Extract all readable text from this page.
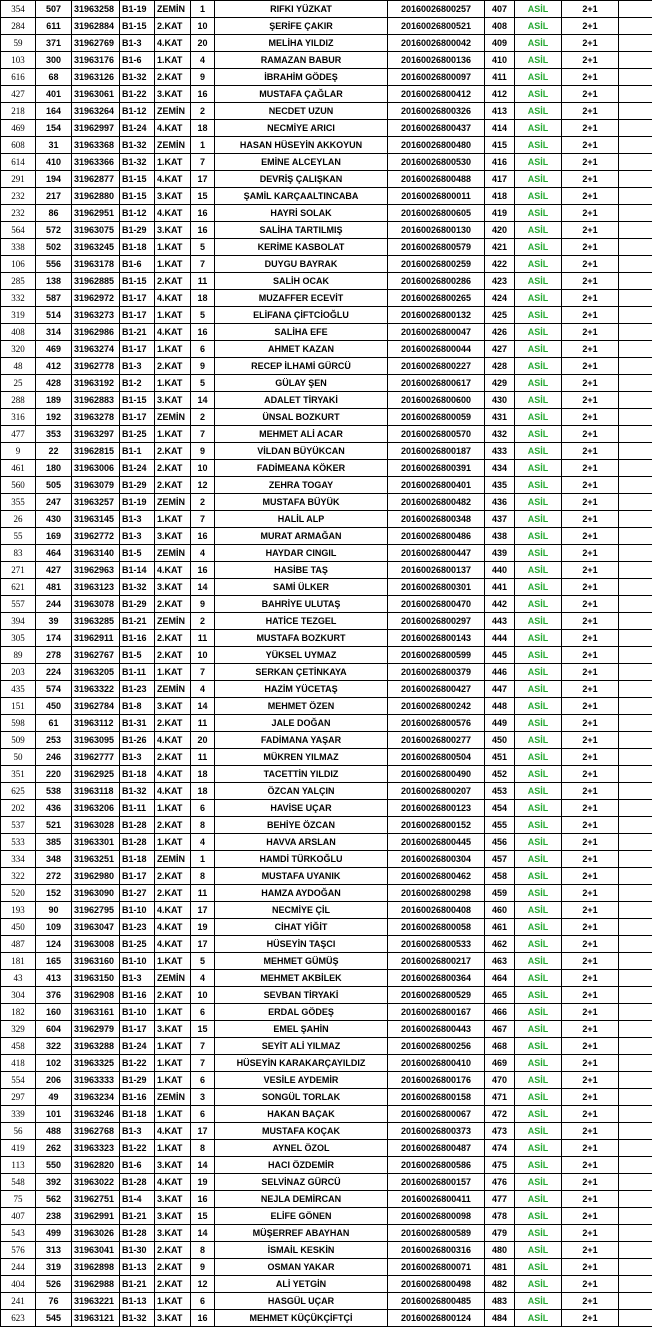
354	507	31963258	B1-19	ZEMİN	1	RIFKI YÜZKAT	20160026800257	407	ASİL	2+1	
284	611	31962884	B1-15	2.KAT	10	ŞERİFE ÇAKIR	20160026800521	408	ASİL	2+1	
59	371	31962769	B1-3	4.KAT	20	MELİHA YILDIZ	20160026800042	409	ASİL	2+1	
103	300	31963176	B1-6	1.KAT	4	RAMAZAN BABUR	20160026800136	410	ASİL	2+1	
616	68	31963126	B1-32	2.KAT	9	İBRAHİM GÖDEŞ	20160026800097	411	ASİL	2+1	
427	401	31963061	B1-22	3.KAT	16	MUSTAFA ÇAĞLAR	20160026800412	412	ASİL	2+1	
218	164	31963264	B1-12	ZEMİN	2	NECDET UZUN	20160026800326	413	ASİL	2+1	
469	154	31962997	B1-24	4.KAT	18	NECMİYE ARICI	20160026800437	414	ASİL	2+1	
608	31	31963368	B1-32	ZEMİN	1	HASAN HÜSEYİN AKKOYUN	20160026800480	415	ASİL	2+1	
614	410	31963366	B1-32	1.KAT	7	EMİNE ALCEYLAN	20160026800530	416	ASİL	2+1	
291	194	31962877	B1-15	4.KAT	17	DEVRİŞ ÇALIŞKAN	20160026800488	417	ASİL	2+1	
232	217	31962880	B1-15	3.KAT	15	ŞAMİL KARÇAALTINCABA	20160026800011	418	ASİL	2+1	
232	86	31962951	B1-12	4.KAT	16	HAYRİ SOLAK	20160026800605	419	ASİL	2+1	
564	572	31963075	B1-29	3.KAT	16	SALİHA TARTILMIŞ	20160026800130	420	ASİL	2+1	
338	502	31963245	B1-18	1.KAT	5	KERİME KASBOLAT	20160026800579	421	ASİL	2+1	
106	556	31963178	B1-6	1.KAT	7	DUYGU BAYRAK	20160026800259	422	ASİL	2+1	
285	138	31962885	B1-15	2.KAT	11	SALİH OCAK	20160026800286	423	ASİL	2+1	
332	587	31962972	B1-17	4.KAT	18	MUZAFFER ECEVİT	20160026800265	424	ASİL	2+1	
319	514	31963273	B1-17	1.KAT	5	ELİFANA ÇİFTCİOĞLU	20160026800132	425	ASİL	2+1	
408	314	31962986	B1-21	4.KAT	16	SALİHA EFE	20160026800047	426	ASİL	2+1	
320	469	31963274	B1-17	1.KAT	6	AHMET KAZAN	20160026800044	427	ASİL	2+1	
48	412	31962778	B1-3	2.KAT	9	RECEP İLHAMİ GÜRCÜ	20160026800227	428	ASİL	2+1	
25	428	31963192	B1-2	1.KAT	5	GÜLAY ŞEN	20160026800617	429	ASİL	2+1	
288	189	31962883	B1-15	3.KAT	14	ADALET TİRYAKİ	20160026800600	430	ASİL	2+1	
316	192	31963278	B1-17	ZEMİN	2	ÜNSAL BOZKURT	20160026800059	431	ASİL	2+1	
477	353	31963297	B1-25	1.KAT	7	MEHMET ALİ ACAR	20160026800570	432	ASİL	2+1	
9	22	31962815	B1-1	2.KAT	9	VİLDAN BÜYÜKCAN	20160026800187	433	ASİL	2+1	
461	180	31963006	B1-24	2.KAT	10	FADİMEANA KÖKER	20160026800391	434	ASİL	2+1	
560	505	31963079	B1-29	2.KAT	12	ZEHRA TOGAY	20160026800401	435	ASİL	2+1	
355	247	31963257	B1-19	ZEMİN	2	MUSTAFA BÜYÜK	20160026800482	436	ASİL	2+1	
26	430	31963145	B1-3	1.KAT	7	HALİL ALP	20160026800348	437	ASİL	2+1	
55	169	31962772	B1-3	3.KAT	16	MURAT ARMAĞAN	20160026800486	438	ASİL	2+1	
83	464	31963140	B1-5	ZEMİN	4	HAYDAR CINGIL	20160026800447	439	ASİL	2+1	
271	427	31962963	B1-14	4.KAT	16	HASİBE TAŞ	20160026800137	440	ASİL	2+1	
621	481	31963123	B1-32	3.KAT	14	SAMİ ÜLKER	20160026800301	441	ASİL	2+1	
557	244	31963078	B1-29	2.KAT	9	BAHRİYE ULUTAŞ	20160026800470	442	ASİL	2+1	
394	39	31963285	B1-21	ZEMİN	2	HATİCE TEZGEL	20160026800297	443	ASİL	2+1	
305	174	31962911	B1-16	2.KAT	11	MUSTAFA BOZKURT	20160026800143	444	ASİL	2+1	
89	278	31962767	B1-5	2.KAT	10	YÜKSEL UYMAZ	20160026800599	445	ASİL	2+1	
203	224	31963205	B1-11	1.KAT	7	SERKAN ÇETİNKAYA	20160026800379	446	ASİL	2+1	
435	574	31963322	B1-23	ZEMİN	4	HAZİM YÜCETAŞ	20160026800427	447	ASİL	2+1	
151	450	31962784	B1-8	3.KAT	14	MEHMET ÖZEN	20160026800242	448	ASİL	2+1	
598	61	31963112	B1-31	2.KAT	11	JALE DOĞAN	20160026800576	449	ASİL	2+1	
509	253	31963095	B1-26	4.KAT	20	FADİMANA YAŞAR	20160026800277	450	ASİL	2+1	
50	246	31962777	B1-3	2.KAT	11	MÜKREN YILMAZ	20160026800504	451	ASİL	2+1	
351	220	31962925	B1-18	4.KAT	18	TACETTİN YILDIZ	20160026800490	452	ASİL	2+1	
625	538	31963118	B1-32	4.KAT	18	ÖZCAN YALÇIN	20160026800207	453	ASİL	2+1	
202	436	31963206	B1-11	1.KAT	6	HAVİSE UÇAR	20160026800123	454	ASİL	2+1	
537	521	31963028	B1-28	2.KAT	8	BEHİYE ÖZCAN	20160026800152	455	ASİL	2+1	
533	385	31963301	B1-28	1.KAT	4	HAVVA ARSLAN	20160026800445	456	ASİL	2+1	
334	348	31963251	B1-18	ZEMİN	1	HAMDİ TÜRKOĞLU	20160026800304	457	ASİL	2+1	
322	272	31962980	B1-17	2.KAT	8	MUSTAFA UYANIK	20160026800462	458	ASİL	2+1	
520	152	31963090	B1-27	2.KAT	11	HAMZA AYDOĞAN	20160026800298	459	ASİL	2+1	
193	90	31962795	B1-10	4.KAT	17	NECMİYE ÇİL	20160026800408	460	ASİL	2+1	
450	109	31963047	B1-23	4.KAT	19	CİHAT YİĞİT	20160026800058	461	ASİL	2+1	
487	124	31963008	B1-25	4.KAT	17	HÜSEYİN TAŞCI	20160026800533	462	ASİL	2+1	
181	165	31963160	B1-10	1.KAT	5	MEHMET GÜMÜŞ	20160026800217	463	ASİL	2+1	
43	413	31963150	B1-3	ZEMİN	4	MEHMET AKBİLEK	20160026800364	464	ASİL	2+1	
304	376	31962908	B1-16	2.KAT	10	SEVBAN TİRYAKİ	20160026800529	465	ASİL	2+1	
182	160	31963161	B1-10	1.KAT	6	ERDAL GÖDEŞ	20160026800167	466	ASİL	2+1	
329	604	31962979	B1-17	3.KAT	15	EMEL ŞAHİN	20160026800443	467	ASİL	2+1	
458	322	31963288	B1-24	1.KAT	7	SEYİT ALİ YILMAZ	20160026800256	468	ASİL	2+1	
418	102	31963325	B1-22	1.KAT	7	HÜSEYİN KARAKARÇAYILDIZ	20160026800410	469	ASİL	2+1	
554	206	31963333	B1-29	1.KAT	6	VESİLE AYDEMİR	20160026800176	470	ASİL	2+1	
297	49	31963234	B1-16	ZEMİN	3	SONGÜL TORLAK	20160026800158	471	ASİL	2+1	
339	101	31963246	B1-18	1.KAT	6	HAKAN BAÇAK	20160026800067	472	ASİL	2+1	
56	488	31962768	B1-3	4.KAT	17	MUSTAFA KOÇAK	20160026800373	473	ASİL	2+1	
419	262	31963323	B1-22	1.KAT	8	AYNEL ÖZOL	20160026800487	474	ASİL	2+1	
113	550	31962820	B1-6	3.KAT	14	HACI ÖZDEMİR	20160026800586	475	ASİL	2+1	
548	392	31963022	B1-28	4.KAT	19	SELVİNAZ GÜRCÜ	20160026800157	476	ASİL	2+1	
75	562	31962751	B1-4	3.KAT	16	NEJLA DEMİRCAN	20160026800411	477	ASİL	2+1	
407	238	31962991	B1-21	3.KAT	15	ELİFE GÖNEN	20160026800098	478	ASİL	2+1	
543	499	31963026	B1-28	3.KAT	14	MÜŞERREF ABAYHAN	20160026800589	479	ASİL	2+1	
576	313	31963041	B1-30	2.KAT	8	İSMAİL KESKİN	20160026800316	480	ASİL	2+1	
244	319	31962898	B1-13	2.KAT	9	OSMAN YAKAR	20160026800071	481	ASİL	2+1	
404	526	31962988	B1-21	2.KAT	12	ALİ YETGİN	20160026800498	482	ASİL	2+1	
241	76	31963221	B1-13	1.KAT	6	HASGÜL UÇAR	20160026800485	483	ASİL	2+1	
623	545	31963121	B1-32	3.KAT	16	MEHMET KÜÇÜKÇİFTÇİ	20160026800124	484	ASİL	2+1	
